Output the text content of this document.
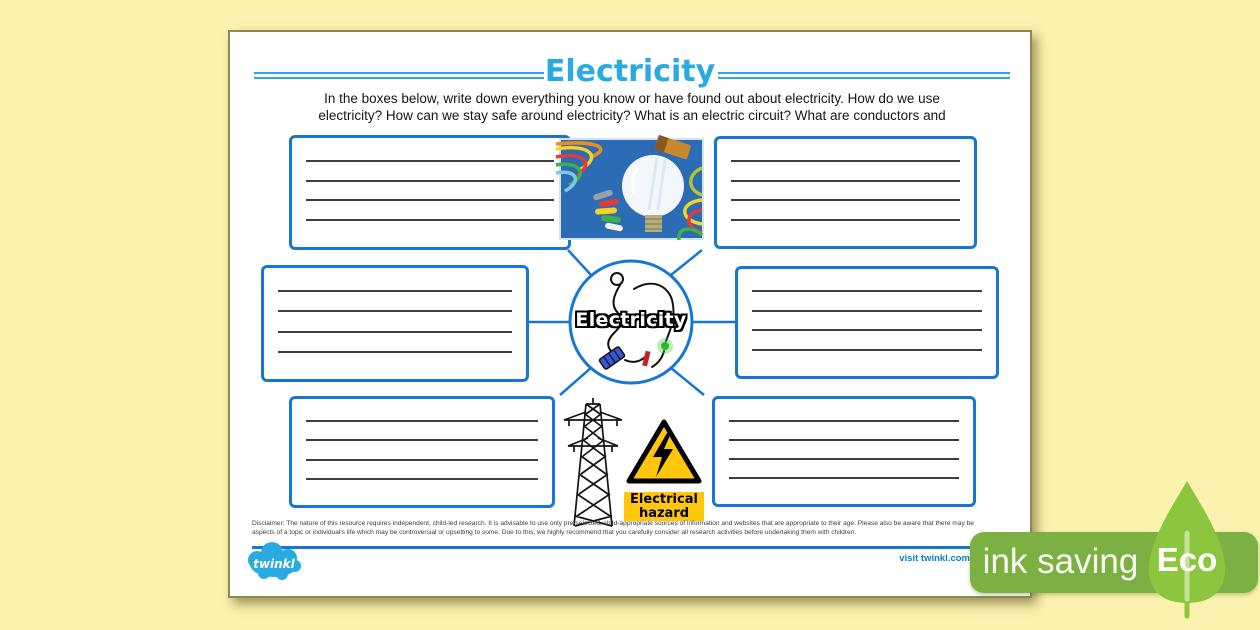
Electricity
In the boxes below, write down everything you know or have found out about electricity. How do we use
electricity? How can we stay safe around electricity? What is an electric circuit? What are conductors and
Electricity
Electrical
hazard
Disclaimer: The nature of this resource requires independent, child-led research. It is advisable to use only pre-selected, child-appropriate sources of information and websites that are appropriate to their age. Please also be aware that there may be
aspects of a topic or individual's life which may be controversial or upsetting to some. Due to this, we highly recommend that you carefully consider all research activities before undertaking them with children.
twinkl	visit twinkl.com ink saving Eco
